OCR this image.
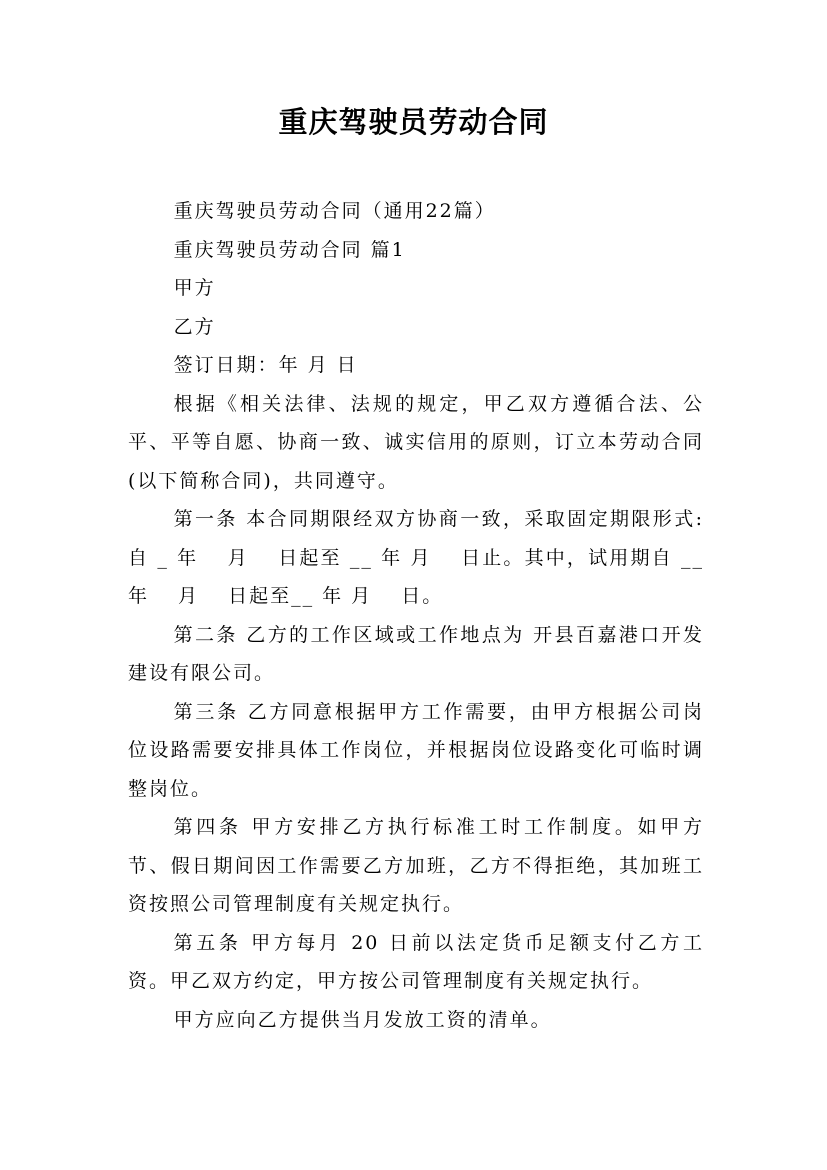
重庆驾驶员劳动合同

重庆驾驶员劳动合同（通用22篇）

重庆驾驶员劳动合同 篇1

甲方

乙方

签订日期：年 月 日

根据《相关法律、法规的规定，甲乙双方遵循合法、公平、平等自愿、协商一致、诚实信用的原则，订立本劳动合同(以下简称合同)，共同遵守。

第一条 本合同期限经双方协商一致，采取固定期限形式:自 _ 年　 月　 日起至 __ 年 月　 日止。其中，试用期自 __ 年　 月　 日起至__ 年 月　 日。

第二条 乙方的工作区域或工作地点为 开县百嘉港口开发建设有限公司。

第三条 乙方同意根据甲方工作需要，由甲方根据公司岗位设路需要安排具体工作岗位，并根据岗位设路变化可临时调整岗位。

第四条 甲方安排乙方执行标准工时工作制度。如甲方节、假日期间因工作需要乙方加班，乙方不得拒绝，其加班工资按照公司管理制度有关规定执行。

第五条 甲方每月 20 日前以法定货币足额支付乙方工资。甲乙双方约定，甲方按公司管理制度有关规定执行。

甲方应向乙方提供当月发放工资的清单。
